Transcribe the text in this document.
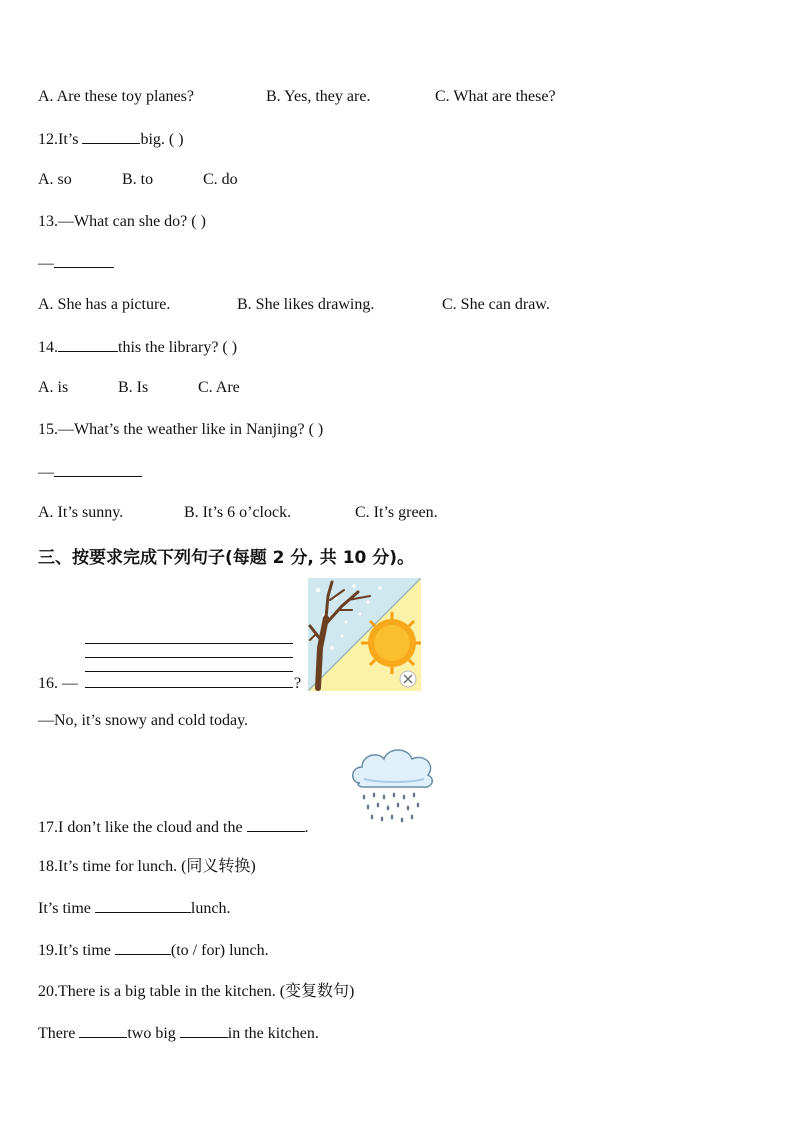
A. Are these toy planes?	B. Yes, they are.	C. What are these?
12.It’s	big. ( )
A. so	B. to	C. do
13.—What can she do? ( )
—
A. She has a picture.	B. She likes drawing.	C. She can draw.
14.	this the library? ( )
A. is	B. Is	C. Are
15.—What’s the weather like in Nanjing? ( )
—
A. It’s sunny.	B. It’s 6 o’clock.	C. It’s green.
三、按要求完成下列句子(每题 2 分, 共 10 分)。
16. —	?
—No, it’s snowy and cold today.
17.I don’t like the cloud and the	.
18.It’s time for lunch. (同义转换)
It’s time	lunch.
19.It’s time	(to / for) lunch.
20.There is a big table in the kitchen. (变复数句)
There	two big	in the kitchen.
